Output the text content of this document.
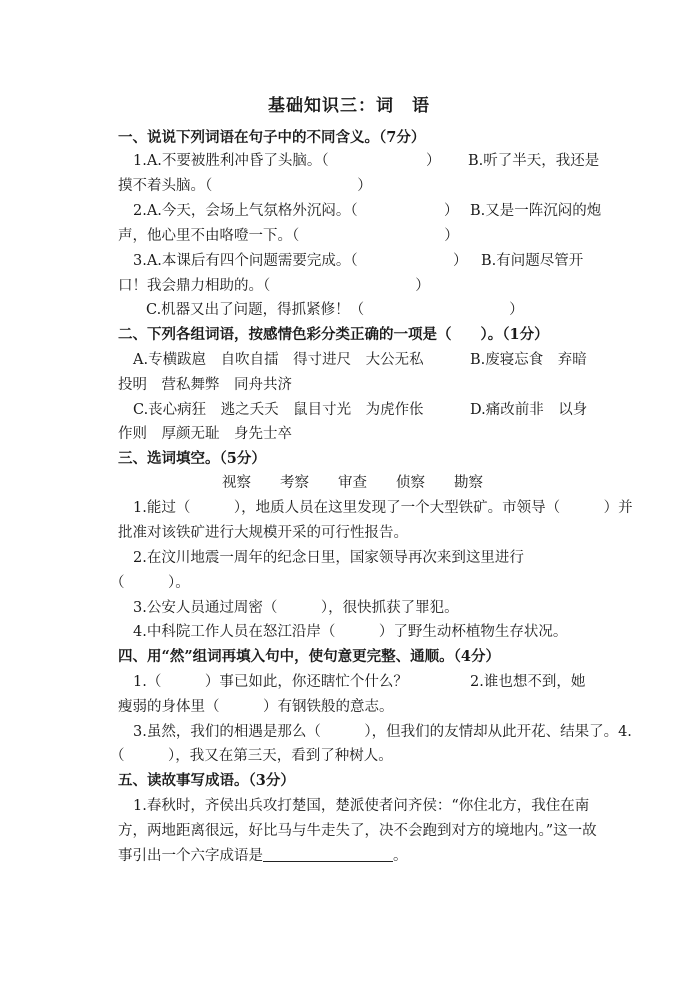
基础知识三：词　语
一、说说下列词语在句子中的不同含义。（7分）
1.A.不要被胜利冲昏了头脑。（	） B.听了半天，我还是
摸不着头脑。（　　　　　　　　　　）
2.A.今天，会场上气氛格外沉闷。（	） B.又是一阵沉闷的炮
声，他心里不由咯噔一下。（　　　　　　　　　　）
3.A.本课后有四个问题需要完成。（	） B.有问题尽管开
口！我会鼎力相助的。（　　　　　　　　　　）
C.机器又出了问题，得抓紧修！（　　　　　　　　　　）
二、下列各组词语，按感情色彩分类正确的一项是（　　）。（1分）
A.专横跋扈　自吹自擂　得寸进尺　大公无私	B.废寝忘食　弃暗
投明　营私舞弊　同舟共济
C.丧心病狂　逃之夭夭　鼠目寸光　为虎作伥	D.痛改前非　以身
作则　厚颜无耻　身先士卒
三、选词填空。（5分）
视察　　考察　　审查　　侦察　　勘察
1.能过（　　　），地质人员在这里发现了一个大型铁矿。市领导（　　　）并
批准对该铁矿进行大规模开采的可行性报告。
2.在汶川地震一周年的纪念日里，国家领导再次来到这里进行
（　　　）。
3.公安人员通过周密（　　　），很快抓获了罪犯。
4.中科院工作人员在怒江沿岸（　　　）了野生动杯植物生存状况。
四、用“然”组词再填入句中，使句意更完整、通顺。（4分）
1.（　　　）事已如此，你还瞎忙个什么？	2.谁也想不到，她
瘦弱的身体里（　　　）有钢铁般的意志。
3.虽然，我们的相遇是那么（　　　），但我们的友情却从此开花、结果了。4.
（　　　），我又在第三天，看到了种树人。
五、读故事写成语。（3分）
1.春秋时，齐侯出兵攻打楚国，楚派使者问齐侯：“你住北方，我住在南
方，两地距离很远，好比马与牛走失了，决不会跑到对方的境地内。”这一故
事引出一个六字成语是	。
